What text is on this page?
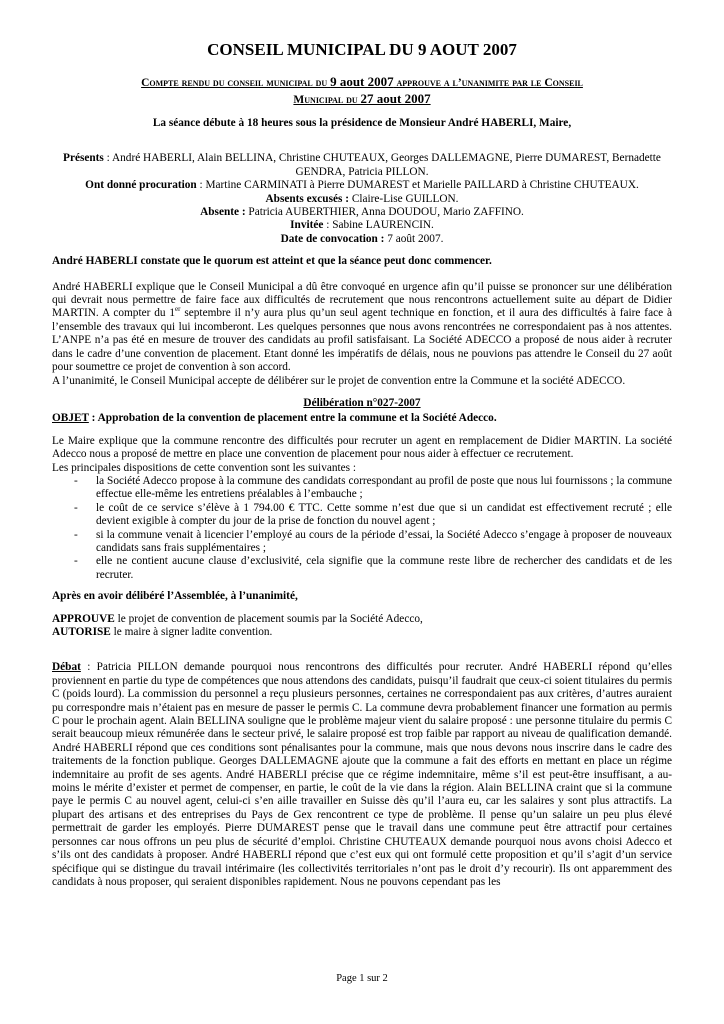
CONSEIL MUNICIPAL DU 9 AOUT 2007
Compte rendu du conseil municipal du 9 aout 2007 approuve a l’unanimite par le Conseil
Municipal du 27 aout 2007
La séance débute à 18 heures sous la présidence de Monsieur André HABERLI, Maire,
Présents : André HABERLI, Alain BELLINA, Christine CHUTEAUX, Georges DALLEMAGNE, Pierre DUMAREST, Bernadette GENDRA, Patricia PILLON.
Ont donné procuration : Martine CARMINATI à Pierre DUMAREST et Marielle PAILLARD à Christine CHUTEAUX.
Absents excusés : Claire-Lise GUILLON.
Absente : Patricia AUBERTHIER, Anna DOUDOU, Mario ZAFFINO.
Invitée : Sabine LAURENCIN.
Date de convocation : 7 août 2007.

André HABERLI constate que le quorum est atteint et que la séance peut donc commencer.

André HABERLI explique que le Conseil Municipal a dû être convoqué en urgence afin qu’il puisse se prononcer sur une délibération qui devrait nous permettre de faire face aux difficultés de recrutement que nous rencontrons actuellement suite au départ de Didier MARTIN. A compter du 1er septembre il n’y aura plus qu’un seul agent technique en fonction, et il aura des difficultés à faire face à l’ensemble des travaux qui lui incomberont. Les quelques personnes que nous avons rencontrées ne correspondaient pas à nos attentes. L’ANPE n’a pas été en mesure de trouver des candidats au profil satisfaisant. La Société ADECCO a proposé de nous aider à recruter dans le cadre d’une convention de placement. Etant donné les impératifs de délais, nous ne pouvions pas attendre le Conseil du 27 août pour soumettre ce projet de convention à son accord.
A l’unanimité, le Conseil Municipal accepte de délibérer sur le projet de convention entre la Commune et la société ADECCO.

Délibération n°027-2007

OBJET : Approbation de la convention de placement entre la commune et la Société Adecco.

Le Maire explique que la commune rencontre des difficultés pour recruter un agent en remplacement de Didier MARTIN. La société Adecco nous a proposé de mettre en place une convention de placement pour nous aider à effectuer ce recrutement.

Les principales dispositions de cette convention sont les suivantes :

- la Société Adecco propose à la commune des candidats correspondant au profil de poste que nous lui fournissons ; la commune effectue elle-même les entretiens préalables à l’embauche ;
- le coût de ce service s’élève à 1 794.00 € TTC. Cette somme n’est due que si un candidat est effectivement recruté ; elle devient exigible à compter du jour de la prise de fonction du nouvel agent ;
- si la commune venait à licencier l’employé au cours de la période d’essai, la Société Adecco s’engage à proposer de nouveaux candidats sans frais supplémentaires ;
- elle ne contient aucune clause d’exclusivité, cela signifie que la commune reste libre de rechercher des candidats et de les recruter.

Après en avoir délibéré l’Assemblée, à l’unanimité,

APPROUVE le projet de convention de placement soumis par la Société Adecco,
AUTORISE le maire à signer ladite convention.

Débat : Patricia PILLON demande pourquoi nous rencontrons des difficultés pour recruter. André HABERLI répond qu’elles proviennent en partie du type de compétences que nous attendons des candidats, puisqu’il faudrait que ceux-ci soient titulaires du permis C (poids lourd). La commission du personnel a reçu plusieurs personnes, certaines ne correspondaient pas aux critères, d’autres auraient pu correspondre mais n’étaient pas en mesure de passer le permis C. La commune devra probablement financer une formation au permis C pour le prochain agent. Alain BELLINA souligne que le problème majeur vient du salaire proposé : une personne titulaire du permis C serait beaucoup mieux rémunérée dans le secteur privé, le salaire proposé est trop faible par rapport au niveau de qualification demandé. André HABERLI répond que ces conditions sont pénalisantes pour la commune, mais que nous devons nous inscrire dans le cadre des traitements de la fonction publique. Georges DALLEMAGNE ajoute que la commune a fait des efforts en mettant en place un régime indemnitaire au profit de ses agents. André HABERLI précise que ce régime indemnitaire, même s’il est peut-être insuffisant, a au-moins le mérite d’exister et permet de compenser, en partie, le coût de la vie dans la région. Alain BELLINA craint que si la commune paye le permis C au nouvel agent, celui-ci s’en aille travailler en Suisse dès qu’il l’aura eu, car les salaires y sont plus attractifs. La plupart des artisans et des entreprises du Pays de Gex rencontrent ce type de problème. Il pense qu’un salaire un peu plus élevé permettrait de garder les employés. Pierre DUMAREST pense que le travail dans une commune peut être attractif pour certaines personnes car nous offrons un peu plus de sécurité d’emploi. Christine CHUTEAUX demande pourquoi nous avons choisi Adecco et s’ils ont des candidats à proposer. André HABERLI répond que c’est eux qui ont formulé cette proposition et qu’il s’agit d’un service spécifique qui se distingue du travail intérimaire (les collectivités territoriales n’ont pas le droit d’y recourir). Ils ont apparemment des candidats à nous proposer, qui seraient disponibles rapidement. Nous ne pouvons cependant pas les

Page 1 sur 2
